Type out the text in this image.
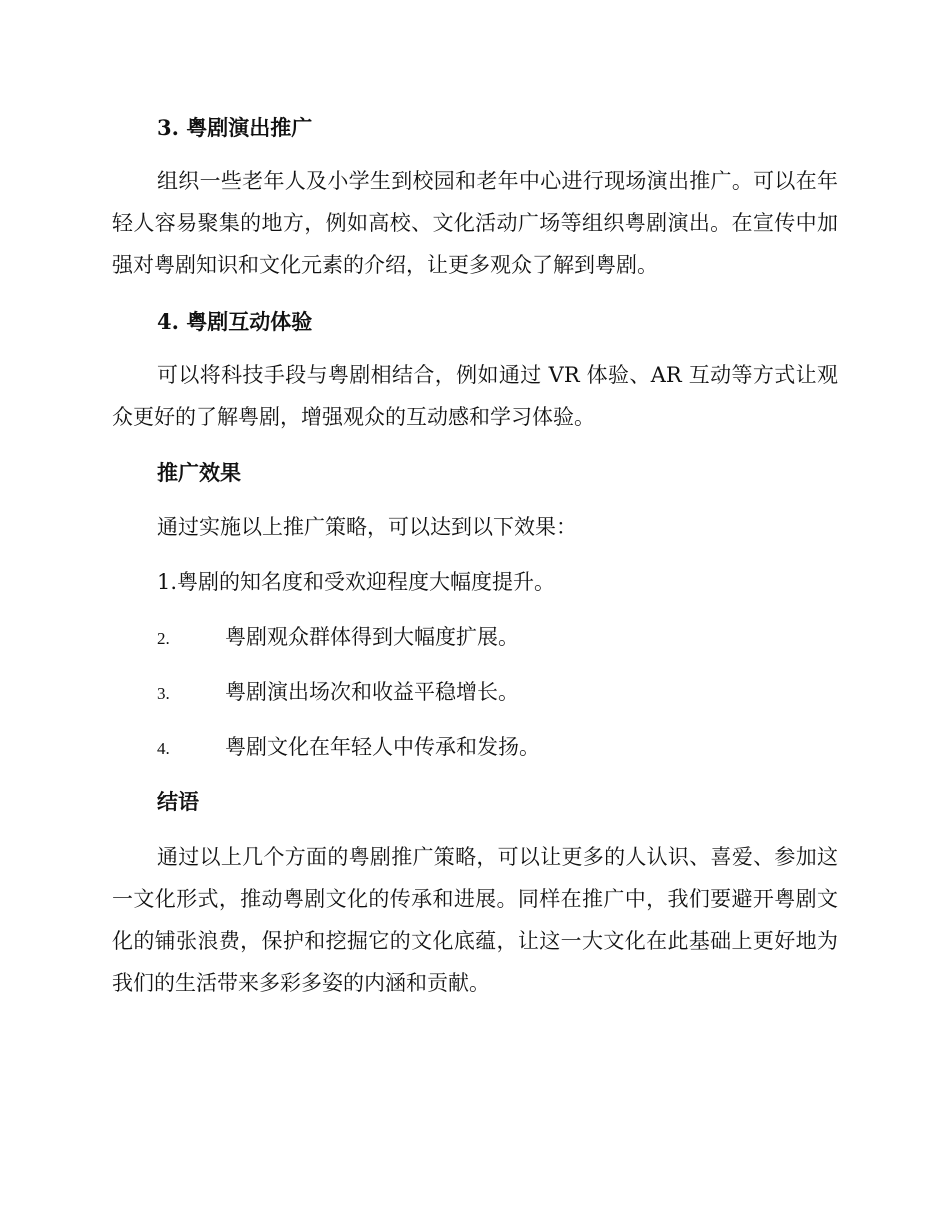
3. 粤剧演出推广

组织一些老年人及小学生到校园和老年中心进行现场演出推广。可以在年轻人容易聚集的地方，例如高校、文化活动广场等组织粤剧演出。在宣传中加强对粤剧知识和文化元素的介绍，让更多观众了解到粤剧。

4. 粤剧互动体验

可以将科技手段与粤剧相结合，例如通过 VR 体验、AR 互动等方式让观众更好的了解粤剧，增强观众的互动感和学习体验。

推广效果

通过实施以上推广策略，可以达到以下效果：

1.粤剧的知名度和受欢迎程度大幅度提升。

2.	粤剧观众群体得到大幅度扩展。
3.	粤剧演出场次和收益平稳增长。
4.	粤剧文化在年轻人中传承和发扬。
结语

通过以上几个方面的粤剧推广策略，可以让更多的人认识、喜爱、参加这一文化形式，推动粤剧文化的传承和进展。同样在推广中，我们要避开粤剧文化的铺张浪费，保护和挖掘它的文化底蕴，让这一大文化在此基础上更好地为我们的生活带来多彩多姿的内涵和贡献。
